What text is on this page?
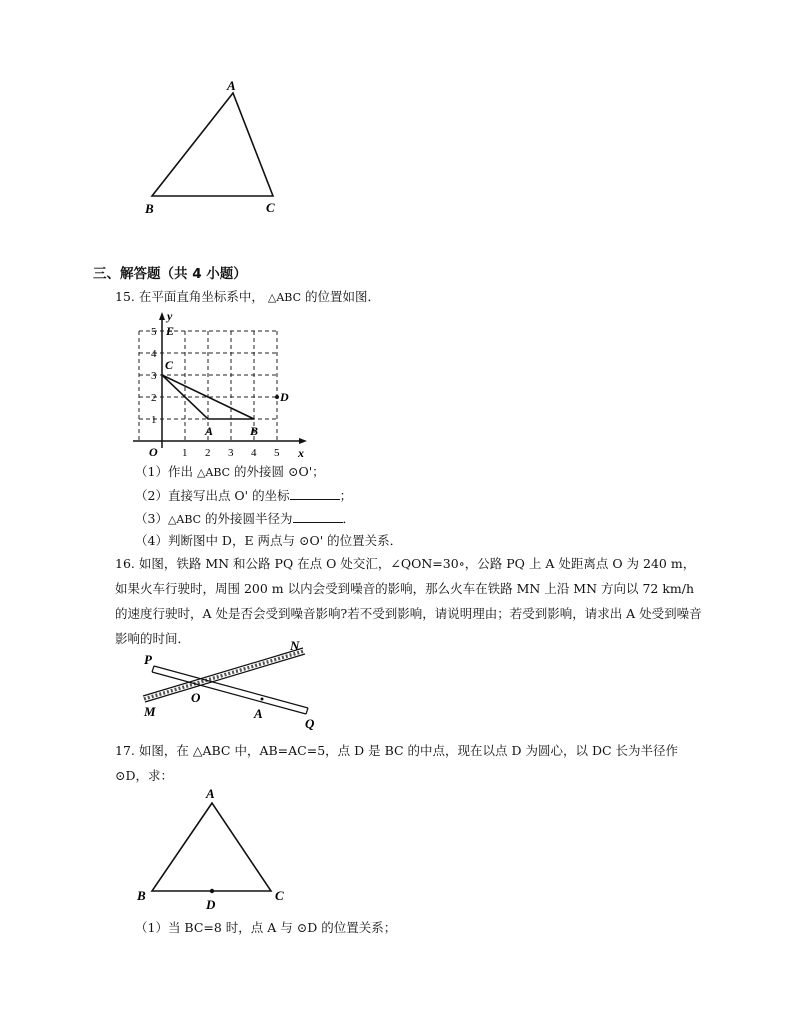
A
B	C
三、解答题（共 4 小题）
15. 在平面直角坐标系中， △ABC 的位置如图．
y
x
O 1 2 3 4 5
1
2
3
4
5
C
A	B
E
D
（1）作出 △ABC 的外接圆 ⊙O'；
（2）直接写出点 O' 的坐标	；
（3）△ABC 的外接圆半径为	．
（4）判断图中 D，E 两点与 ⊙O' 的位置关系．
16. 如图，铁路 MN 和公路 PQ 在点 O 处交汇，∠QON=30∘，公路 PQ 上 A 处距离点 O 为 240 m，如果火车行驶时，周围 200 m 以内会受到噪音的影响，那么火车在铁路 MN 上沿 MN 方向以 72 km/h 的速度行驶时，A 处是否会受到噪音影响?若不受到影响，请说明理由；若受到影响，请求出 A 处受到噪音影响的时间．
P
N
M
O
A
Q
17. 如图，在 △ABC 中，AB=AC=5，点 D 是 BC 的中点，现在以点 D 为圆心，以 DC 长为半径作 ⊙D，求：
A
B	C
D
（1）当 BC=8 时，点 A 与 ⊙D 的位置关系；
